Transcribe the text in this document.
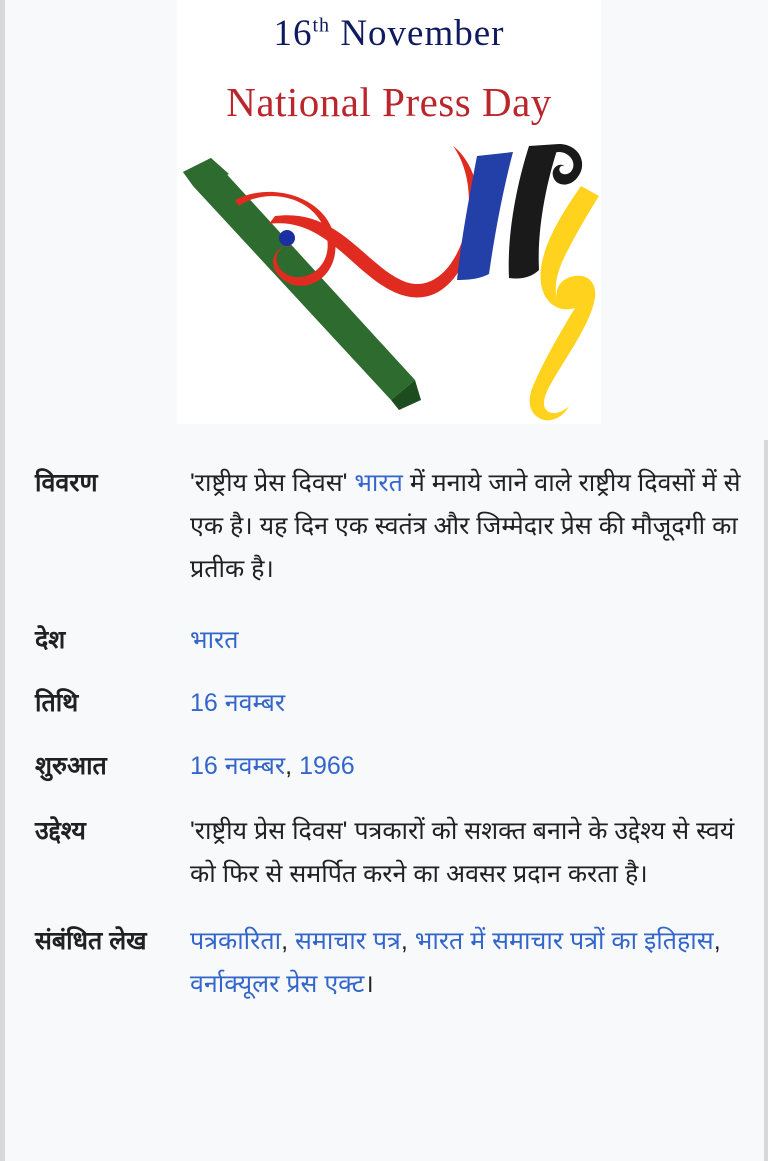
16th November
National Press Day
विवरण	'राष्ट्रीय प्रेस दिवस' भारत में मनाये जाने वाले राष्ट्रीय दिवसों में से एक है। यह दिन एक स्वतंत्र और जिम्मेदार प्रेस की मौजूदगी का प्रतीक है।
देश	भारत
तिथि	16 नवम्बर
शुरुआत	16 नवम्बर, 1966
उद्देश्य	'राष्ट्रीय प्रेस दिवस' पत्रकारों को सशक्त बनाने के उद्देश्य से स्वयं को फिर से समर्पित करने का अवसर प्रदान करता है।
संबंधित लेख	पत्रकारिता, समाचार पत्र, भारत में समाचार पत्रों का इतिहास, वर्नाक्यूलर प्रेस एक्ट।
